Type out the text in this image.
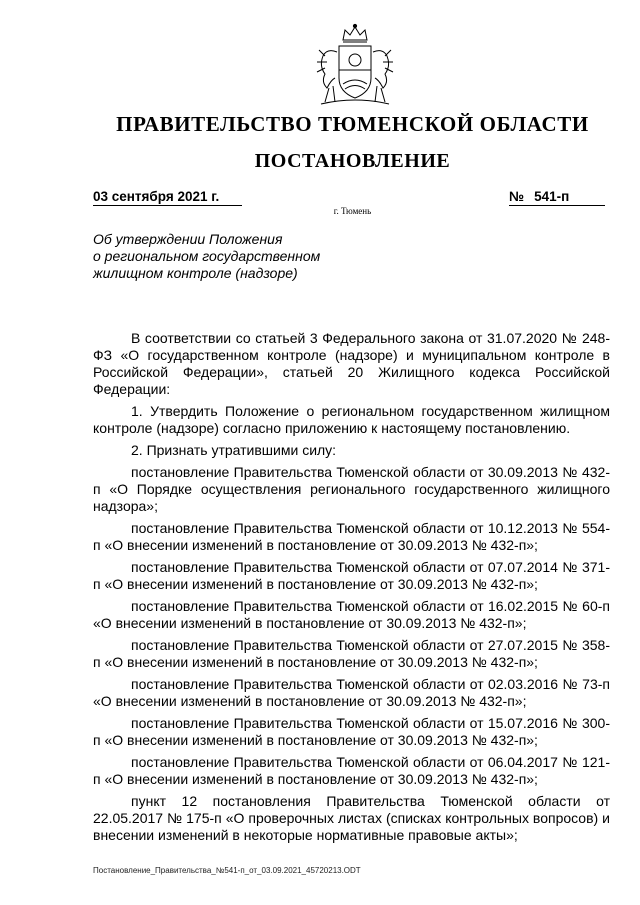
ПРАВИТЕЛЬСТВО ТЮМЕНСКОЙ ОБЛАСТИ
ПОСТАНОВЛЕНИЕ
03 сентября 2021 г.	№ 541-п
г. Тюмень
Об утверждении Положения
о региональном государственном
жилищном контроле (надзоре)

В соответствии со статьей 3 Федерального закона от 31.07.2020 № 248-ФЗ «О государственном контроле (надзоре) и муниципальном контроле в Российской Федерации», статьей 20 Жилищного кодекса Российской Федерации:

1. Утвердить Положение о региональном государственном жилищном контроле (надзоре) согласно приложению к настоящему постановлению.

2. Признать утратившими силу:

постановление Правительства Тюменской области от 30.09.2013 № 432-п «О Порядке осуществления регионального государственного жилищного надзора»;

постановление Правительства Тюменской области от 10.12.2013 № 554-п «О внесении изменений в постановление от 30.09.2013 № 432-п»;

постановление Правительства Тюменской области от 07.07.2014 № 371-п «О внесении изменений в постановление от 30.09.2013 № 432-п»;

постановление Правительства Тюменской области от 16.02.2015 № 60-п «О внесении изменений в постановление от 30.09.2013 № 432-п»;

постановление Правительства Тюменской области от 27.07.2015 № 358-п «О внесении изменений в постановление от 30.09.2013 № 432-п»;

постановление Правительства Тюменской области от 02.03.2016 № 73-п «О внесении изменений в постановление от 30.09.2013 № 432-п»;

постановление Правительства Тюменской области от 15.07.2016 № 300-п «О внесении изменений в постановление от 30.09.2013 № 432-п»;

постановление Правительства Тюменской области от 06.04.2017 № 121-п «О внесении изменений в постановление от 30.09.2013 № 432-п»;

пункт 12 постановления Правительства Тюменской области от 22.05.2017 № 175-п «О проверочных листах (списках контрольных вопросов) и внесении изменений в некоторые нормативные правовые акты»;

Постановление_Правительства_№541-п_от_03.09.2021_45720213.ODT
